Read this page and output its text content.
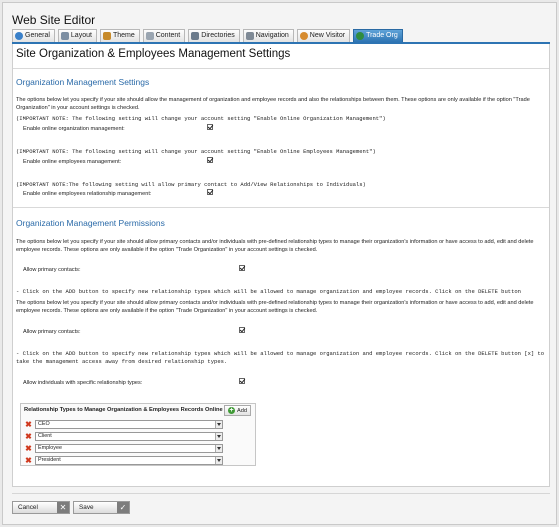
Web Site Editor
General	Layout	Theme	Content	Directories	Navigation	New Visitor	Trade Org
Site Organization & Employees Management Settings
Organization Management Settings
The options below let you specify if your site should allow the management of organization and employee records and also the relationships between them. These options are only available if the option "Trade Organization" in your account settings is checked.
(IMPORTANT NOTE: The following setting will change your account setting "Enable Online Organization Management")
Enable online organization management:
(IMPORTANT NOTE: The following setting will change your account setting "Enable Online Employees Management")
Enable online employees management:
(IMPORTANT NOTE:The following setting will allow primary contact to Add/View Relationships to Individuals)
Enable online employees relationship management:
Organization Management Permissions
The options below let you specify if your site should allow primary contacts and/or individuals with pre-defined relationship types to manage their organization's information or have access to add, edit and delete employee records. These options are only available if the option "Trade Organization" in your account settings is checked.
Allow primary contacts:
- Click on the ADD button to specify new relationship types which will be allowed to manage organization and employee records. Click on the DELETE button
The options below let you specify if your site should allow primary contacts and/or individuals with pre-defined relationship types to manage their organization's information or have access to add, edit and delete employee records. These options are only available if the option "Trade Organization" in your account settings is checked.
Allow primary contacts:
- Click on the ADD button to specify new relationship types which will be allowed to manage organization and employee records. Click on the DELETE button [x] to take the management access away from desired relationship types.
Allow individuals with specific relationship types:
Relationship Types to Manage Organization & Employees Records Online + Add
✖	CEO
✖	Client
✖	Employee
✖	President
Cancel	✕	Save	✓
